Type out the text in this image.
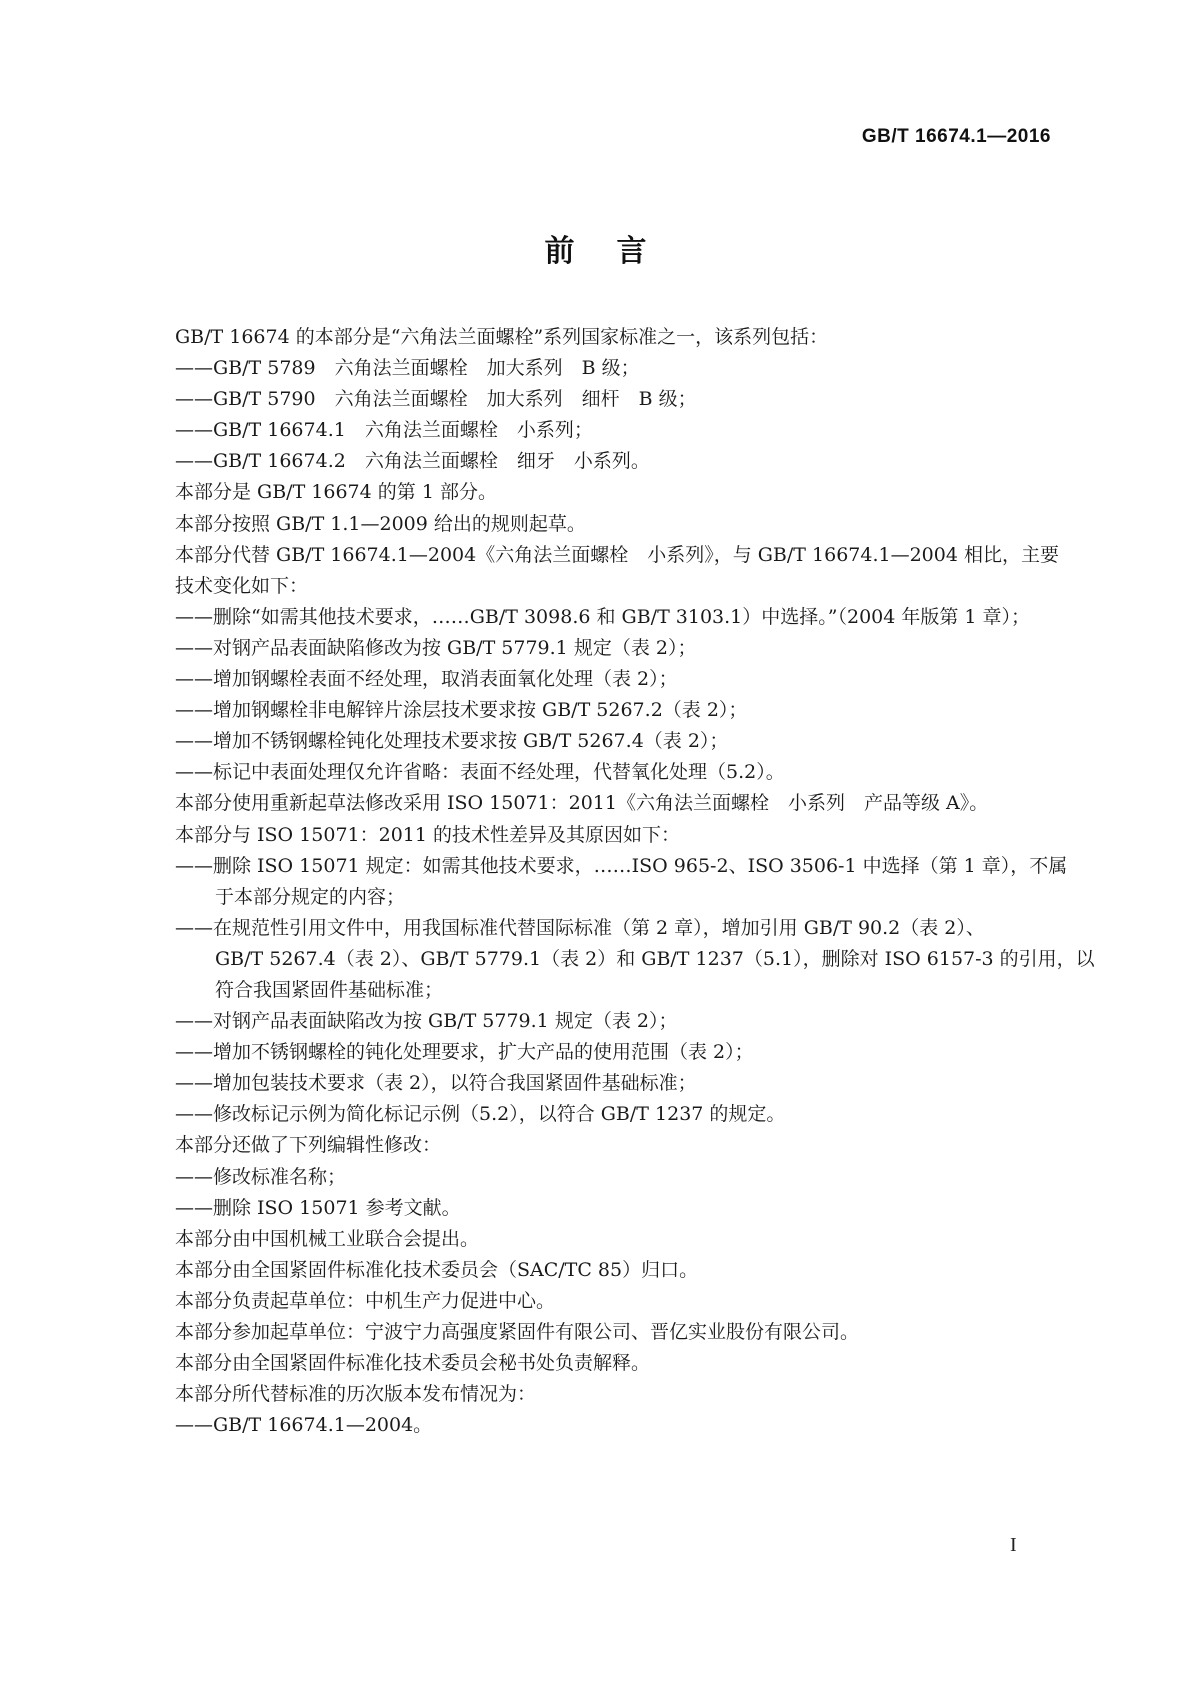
GB/T 16674.1—2016
前言
GB/T 16674 的本部分是“六角法兰面螺栓”系列国家标准之一，该系列包括：
——GB/T 5789　六角法兰面螺栓　加大系列　B 级；
——GB/T 5790　六角法兰面螺栓　加大系列　细杆　B 级；
——GB/T 16674.1　六角法兰面螺栓　小系列；
——GB/T 16674.2　六角法兰面螺栓　细牙　小系列。
本部分是 GB/T 16674 的第 1 部分。
本部分按照 GB/T 1.1—2009 给出的规则起草。
本部分代替 GB/T 16674.1—2004《六角法兰面螺栓　小系列》，与 GB/T 16674.1—2004 相比，主要
技术变化如下：
——删除“如需其他技术要求，……GB/T 3098.6 和 GB/T 3103.1）中选择。”（2004 年版第 1 章）；
——对钢产品表面缺陷修改为按 GB/T 5779.1 规定（表 2）；
——增加钢螺栓表面不经处理，取消表面氧化处理（表 2）；
——增加钢螺栓非电解锌片涂层技术要求按 GB/T 5267.2（表 2）；
——增加不锈钢螺栓钝化处理技术要求按 GB/T 5267.4（表 2）；
——标记中表面处理仅允许省略：表面不经处理，代替氧化处理（5.2）。
本部分使用重新起草法修改采用 ISO 15071：2011《六角法兰面螺栓　小系列　产品等级 A》。
本部分与 ISO 15071：2011 的技术性差异及其原因如下：
——删除 ISO 15071 规定：如需其他技术要求，……ISO 965-2、ISO 3506-1 中选择（第 1 章），不属
于本部分规定的内容；
——在规范性引用文件中，用我国标准代替国际标准（第 2 章），增加引用 GB/T 90.2（表 2）、
GB/T 5267.4（表 2）、GB/T 5779.1（表 2）和 GB/T 1237（5.1），删除对 ISO 6157-3 的引用，以
符合我国紧固件基础标准；
——对钢产品表面缺陷改为按 GB/T 5779.1 规定（表 2）；
——增加不锈钢螺栓的钝化处理要求，扩大产品的使用范围（表 2）；
——增加包装技术要求（表 2），以符合我国紧固件基础标准；
——修改标记示例为简化标记示例（5.2），以符合 GB/T 1237 的规定。
本部分还做了下列编辑性修改：
——修改标准名称；
——删除 ISO 15071 参考文献。
本部分由中国机械工业联合会提出。
本部分由全国紧固件标准化技术委员会（SAC/TC 85）归口。
本部分负责起草单位：中机生产力促进中心。
本部分参加起草单位：宁波宁力高强度紧固件有限公司、晋亿实业股份有限公司。
本部分由全国紧固件标准化技术委员会秘书处负责解释。
本部分所代替标准的历次版本发布情况为：
——GB/T 16674.1—2004。
I
